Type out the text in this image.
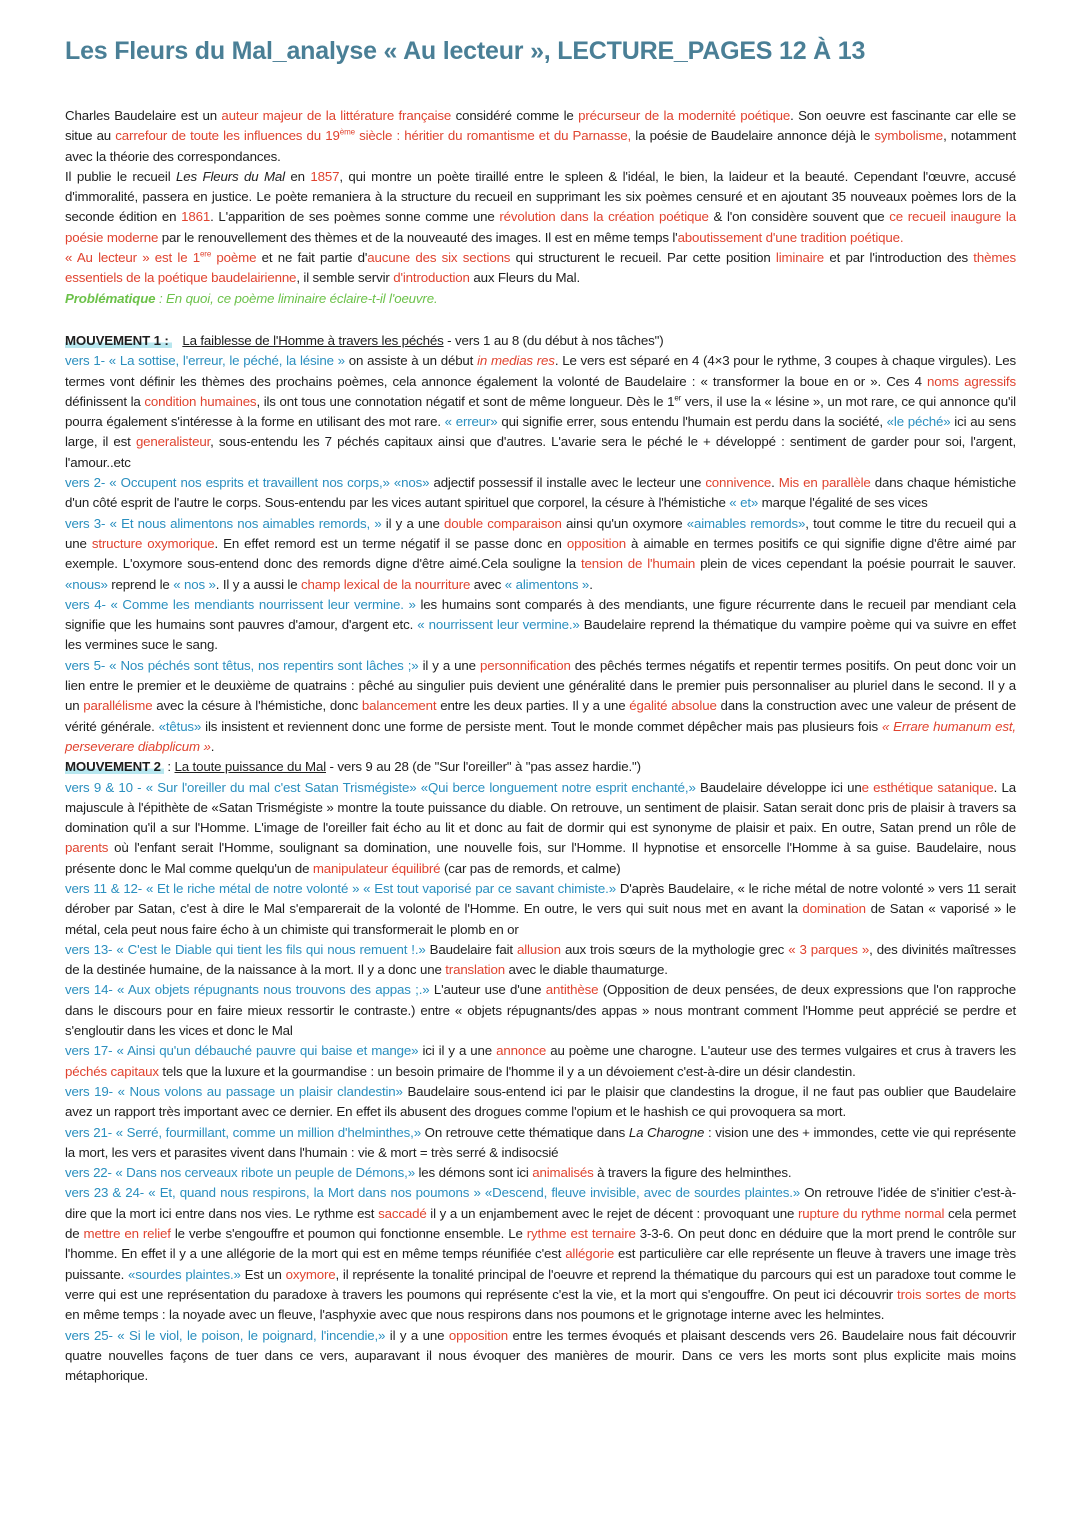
Les Fleurs du Mal_analyse « Au lecteur », LECTURE_PAGES 12 À 13

Charles Baudelaire est un auteur majeur de la littérature française considéré comme le précurseur de la modernité poétique. Son oeuvre est fascinante car elle se situe au carrefour de toute les influences du 19ème siècle : héritier du romantisme et du Parnasse, la poésie de Baudelaire annonce déjà le symbolisme, notamment avec la théorie des correspondances.

Il publie le recueil Les Fleurs du Mal en 1857, qui montre un poète tiraillé entre le spleen & l'idéal, le bien, la laideur et la beauté. Cependant l'œuvre, accusé d'immoralité, passera en justice. Le poète remaniera à la structure du recueil en supprimant les six poèmes censuré et en ajoutant 35 nouveaux poèmes lors de la seconde édition en 1861. L'apparition de ses poèmes sonne comme une révolution dans la création poétique & l'on considère souvent que ce recueil inaugure la poésie moderne par le renouvellement des thèmes et de la nouveauté des images. Il est en même temps l'aboutissement d'une tradition poétique.

« Au lecteur » est le 1ere poème et ne fait partie d'aucune des six sections qui structurent le recueil. Par cette position liminaire et par l'introduction des thèmes essentiels de la poétique baudelairienne, il semble servir d'introduction aux Fleurs du Mal.

Problématique : En quoi, ce poème liminaire éclaire-t-il l'oeuvre.

MOUVEMENT 1 : La faiblesse de l'Homme à travers les péchés - vers 1 au 8 (du début à nos tâches")

vers 1- « La sottise, l'erreur, le péché, la lésine » on assiste à un début in medias res. Le vers est séparé en 4 (4×3 pour le rythme, 3 coupes à chaque virgules). Les termes vont définir les thèmes des prochains poèmes, cela annonce également la volonté de Baudelaire : « transformer la boue en or ». Ces 4 noms agressifs définissent la condition humaines, ils ont tous une connotation négatif et sont de même longueur. Dès le 1er vers, il use la « lésine », un mot rare, ce qui annonce qu'il pourra également s'intéresse à la forme en utilisant des mot rare. « erreur» qui signifie errer, sous entendu l'humain est perdu dans la société, «le péché» ici au sens large, il est generalisteur, sous-entendu les 7 péchés capitaux ainsi que d'autres. L'avarie sera le péché le + développé : sentiment de garder pour soi, l'argent, l'amour..etc

vers 2- « Occupent nos esprits et travaillent nos corps,» «nos» adjectif possessif il installe avec le lecteur une connivence. Mis en parallèle dans chaque hémistiche d'un côté esprit de l'autre le corps. Sous-entendu par les vices autant spirituel que corporel, la césure à l'hémistiche « et» marque l'égalité de ses vices

vers 3- « Et nous alimentons nos aimables remords, » il y a une double comparaison ainsi qu'un oxymore «aimables remords», tout comme le titre du recueil qui a une structure oxymorique. En effet remord est un terme négatif il se passe donc en opposition à aimable en termes positifs ce qui signifie digne d'être aimé par exemple. L'oxymore sous-entend donc des remords digne d'être aimé.Cela souligne la tension de l'humain plein de vices cependant la poésie pourrait le sauver. «nous» reprend le « nos ». Il y a aussi le champ lexical de la nourriture avec « alimentons ».

vers 4- « Comme les mendiants nourrissent leur vermine. » les humains sont comparés à des mendiants, une figure récurrente dans le recueil par mendiant cela signifie que les humains sont pauvres d'amour, d'argent etc. « nourrissent leur vermine.» Baudelaire reprend la thématique du vampire poème qui va suivre en effet les vermines suce le sang.

vers 5- « Nos péchés sont têtus, nos repentirs sont lâches ;» il y a une personnification des pêchés termes négatifs et repentir termes positifs. On peut donc voir un lien entre le premier et le deuxième de quatrains : pêché au singulier puis devient une généralité dans le premier puis personnaliser au pluriel dans le second. Il y a un parallélisme avec la césure à l'hémistiche, donc balancement entre les deux parties. Il y a une égalité absolue dans la construction avec une valeur de présent de vérité générale. «têtus» ils insistent et reviennent donc une forme de persiste ment. Tout le monde commet dépêcher mais pas plusieurs fois « Errare humanum est, perseverare diabplicum ».

MOUVEMENT 2 : La toute puissance du Mal - vers 9 au 28 (de "Sur l'oreiller" à "pas assez hardie.")

vers 9 & 10 - « Sur l'oreiller du mal c'est Satan Trismégiste» «Qui berce longuement notre esprit enchanté,» Baudelaire développe ici une esthétique satanique. La majuscule à l'épithète de «Satan Trismégiste » montre la toute puissance du diable. On retrouve, un sentiment de plaisir. Satan serait donc pris de plaisir à travers sa domination qu'il a sur l'Homme. L'image de l'oreiller fait écho au lit et donc au fait de dormir qui est synonyme de plaisir et paix. En outre, Satan prend un rôle de parents où l'enfant serait l'Homme, soulignant sa domination, une nouvelle fois, sur l'Homme. Il hypnotise et ensorcelle l'Homme à sa guise. Baudelaire, nous présente donc le Mal comme quelqu'un de manipulateur équilibré (car pas de remords, et calme)

vers 11 & 12- « Et le riche métal de notre volonté » « Est tout vaporisé par ce savant chimiste.» D'après Baudelaire, « le riche métal de notre volonté » vers 11 serait dérober par Satan, c'est à dire le Mal s'emparerait de la volonté de l'Homme. En outre, le vers qui suit nous met en avant la domination de Satan « vaporisé » le métal, cela peut nous faire écho à un chimiste qui transformerait le plomb en or

vers 13- « C'est le Diable qui tient les fils qui nous remuent !.» Baudelaire fait allusion aux trois sœurs de la mythologie grec « 3 parques », des divinités maîtresses de la destinée humaine, de la naissance à la mort. Il y a donc une translation avec le diable thaumaturge.

vers 14- « Aux objets répugnants nous trouvons des appas ;.» L'auteur use d'une antithèse (Opposition de deux pensées, de deux expressions que l'on rapproche dans le discours pour en faire mieux ressortir le contraste.) entre « objets répugnants/des appas » nous montrant comment l'Homme peut apprécié se perdre et s'engloutir dans les vices et donc le Mal

vers 17- « Ainsi qu'un débauché pauvre qui baise et mange» ici il y a une annonce au poème une charogne. L'auteur use des termes vulgaires et crus à travers les péchés capitaux tels que la luxure et la gourmandise : un besoin primaire de l'homme il y a un dévoiement c'est-à-dire un désir clandestin.

vers 19- « Nous volons au passage un plaisir clandestin» Baudelaire sous-entend ici par le plaisir que clandestins la drogue, il ne faut pas oublier que Baudelaire avez un rapport très important avec ce dernier. En effet ils abusent des drogues comme l'opium et le hashish ce qui provoquera sa mort.

vers 21- « Serré, fourmillant, comme un million d'helminthes,» On retrouve cette thématique dans La Charogne : vision une des + immondes, cette vie qui représente la mort, les vers et parasites vivent dans l'humain : vie & mort = très serré & indisocsié

vers 22- « Dans nos cerveaux ribote un peuple de Démons,» les démons sont ici animalisés à travers la figure des helminthes.

vers 23 & 24- « Et, quand nous respirons, la Mort dans nos poumons » «Descend, fleuve invisible, avec de sourdes plaintes.» On retrouve l'idée de s'initier c'est-à-dire que la mort ici entre dans nos vies. Le rythme est saccadé il y a un enjambement avec le rejet de décent : provoquant une rupture du rythme normal cela permet de mettre en relief le verbe s'engouffre et poumon qui fonctionne ensemble. Le rythme est ternaire 3-3-6. On peut donc en déduire que la mort prend le contrôle sur l'homme. En effet il y a une allégorie de la mort qui est en même temps réunifiée c'est allégorie est particulière car elle représente un fleuve à travers une image très puissante. «sourdes plaintes.» Est un oxymore, il représente la tonalité principal de l'oeuvre et reprend la thématique du parcours qui est un paradoxe tout comme le verre qui est une représentation du paradoxe à travers les poumons qui représente c'est la vie, et la mort qui s'engouffre. On peut ici découvrir trois sortes de morts en même temps : la noyade avec un fleuve, l'asphyxie avec que nous respirons dans nos poumons et le grignotage interne avec les helmintes.

vers 25- « Si le viol, le poison, le poignard, l'incendie,» il y a une opposition entre les termes évoqués et plaisant descends vers 26. Baudelaire nous fait découvrir quatre nouvelles façons de tuer dans ce vers, auparavant il nous évoquer des manières de mourir. Dans ce vers les morts sont plus explicite mais moins métaphorique.
